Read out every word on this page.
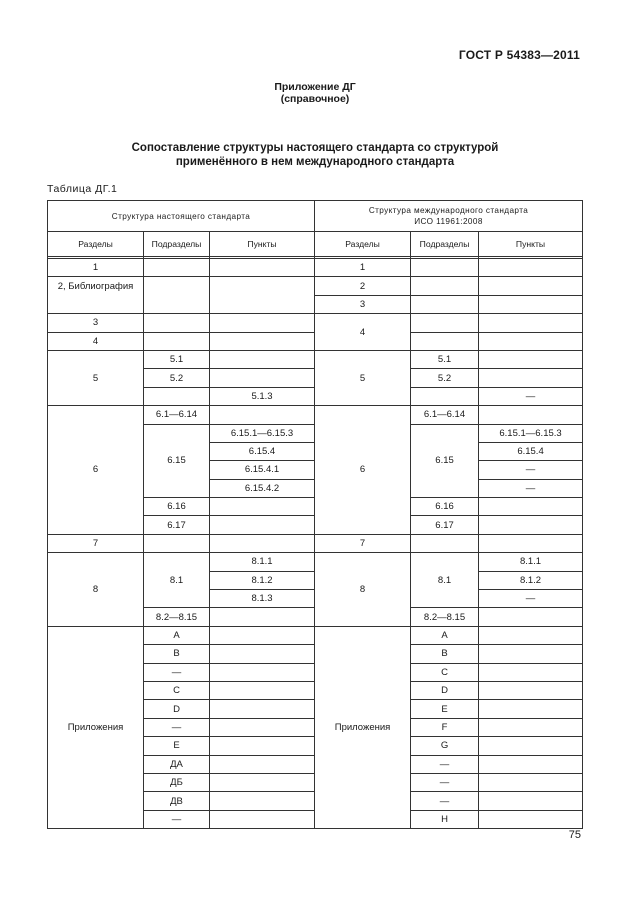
ГОСТ Р 54383—2011
Приложение ДГ
(справочное)
Сопоставление структуры настоящего стандарта со структурой
применённого в нем международного стандарта
Таблица ДГ.1
Структура настоящего стандарта			Структура международного стандарта
ИСО 11961:2008		
Разделы	Подразделы	Пункты	Разделы	Подразделы	Пункты

1			1		
2, Библиография			2		
			3		
3			4		
4					
5	5.1		5	5.1	
	5.2			5.2	
		5.1.3			—
6	6.1—6.14		6	6.1—6.14	
	6.15	6.15.1—6.15.3		6.15	6.15.1—6.15.3
		6.15.4			6.15.4
		6.15.4.1			—
		6.15.4.2			—
	6.16			6.16	
	6.17			6.17	
7			7		
8	8.1	8.1.1	8	8.1	8.1.1
		8.1.2			8.1.2
		8.1.3			—
	8.2—8.15			8.2—8.15	
Приложения	A		Приложения	A	
	B			B	
	—			C	
	C			D	
	D			E	
	—			F	
	E			G	
	ДА			—	
	ДБ			—	
	ДВ			—	
	—			H	
75
